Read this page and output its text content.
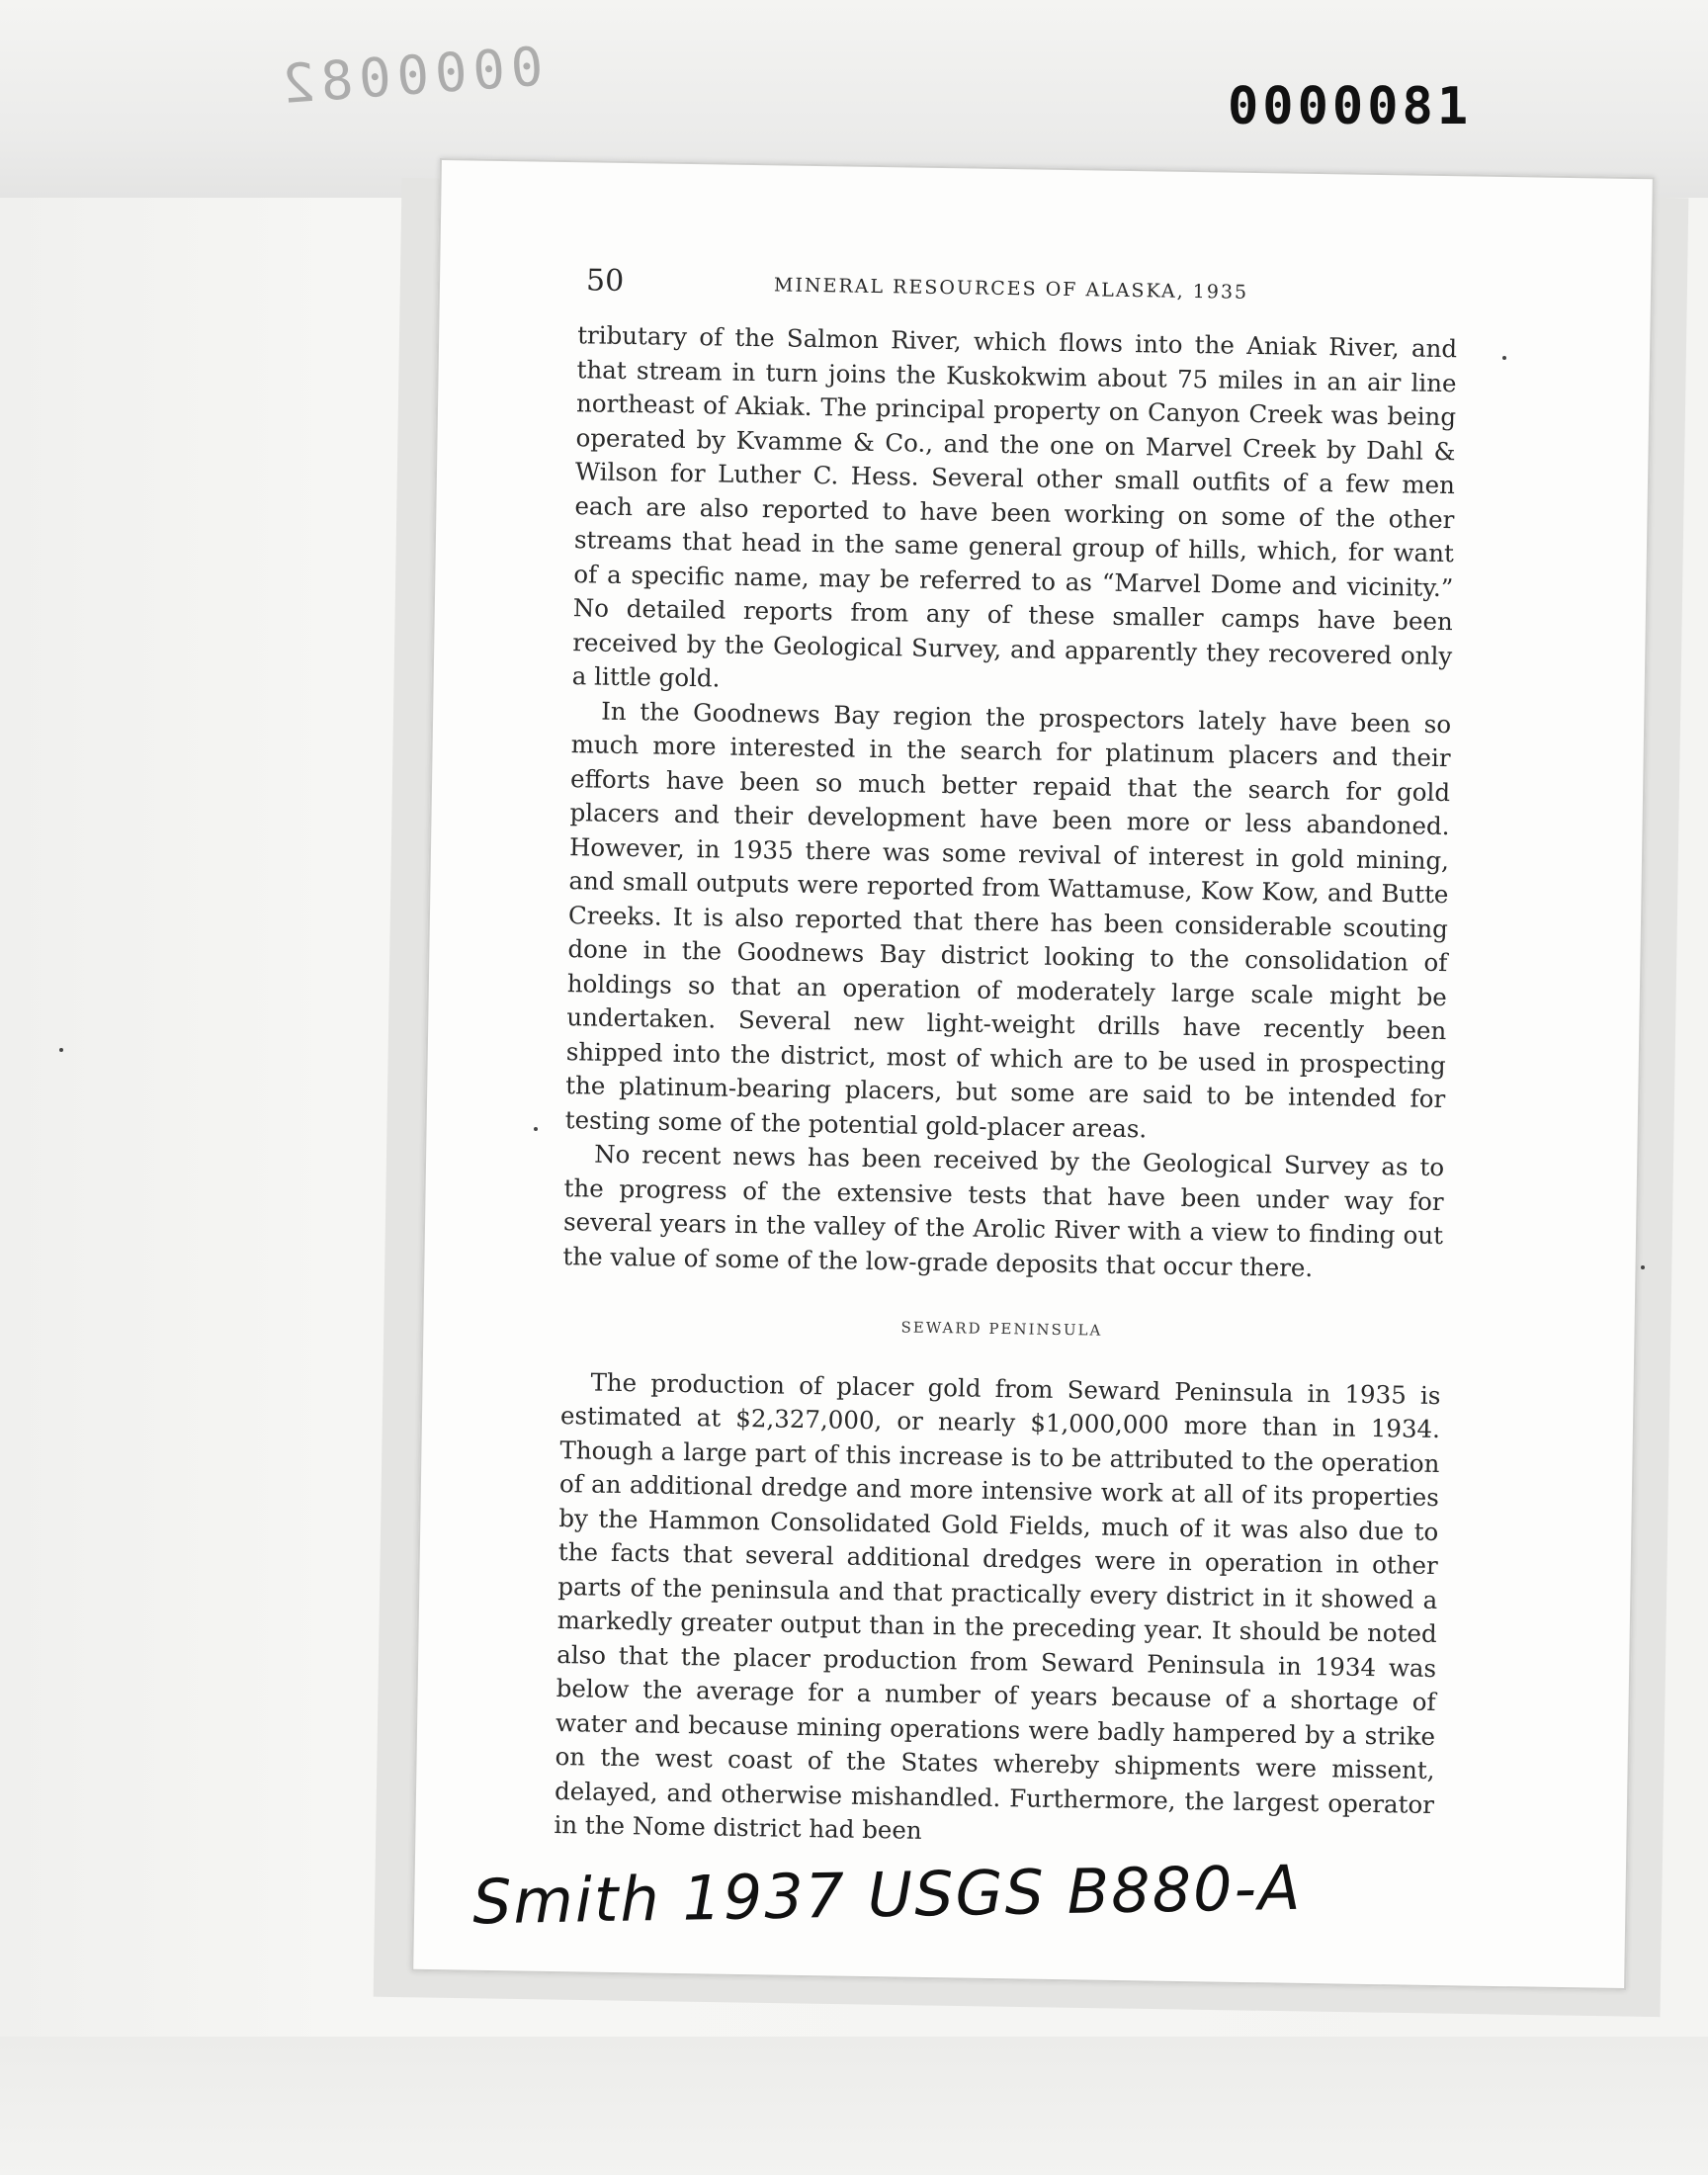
0000082	0000081
50	MINERAL RESOURCES OF ALASKA, 1935

tributary of the Salmon River, which flows into the Aniak River, and that stream in turn joins the Kuskokwim about 75 miles in an air line northeast of Akiak. The principal property on Canyon Creek was being operated by Kvamme & Co., and the one on Marvel Creek by Dahl & Wilson for Luther C. Hess. Several other small outfits of a few men each are also reported to have been working on some of the other streams that head in the same general group of hills, which, for want of a specific name, may be referred to as “Marvel Dome and vicinity.” No detailed reports from any of these smaller camps have been received by the Geological Survey, and apparently they recovered only a little gold.

In the Goodnews Bay region the prospectors lately have been so much more interested in the search for platinum placers and their efforts have been so much better repaid that the search for gold placers and their development have been more or less abandoned. However, in 1935 there was some revival of interest in gold mining, and small outputs were reported from Wattamuse, Kow Kow, and Butte Creeks. It is also reported that there has been considerable scouting done in the Goodnews Bay district looking to the consolidation of holdings so that an operation of moderately large scale might be undertaken. Several new light-weight drills have recently been shipped into the district, most of which are to be used in prospecting the platinum-bearing placers, but some are said to be intended for testing some of the potential gold-placer areas.

No recent news has been received by the Geological Survey as to the progress of the extensive tests that have been under way for several years in the valley of the Arolic River with a view to finding out the value of some of the low-grade deposits that occur there.

SEWARD PENINSULA

The production of placer gold from Seward Peninsula in 1935 is estimated at $2,327,000, or nearly $1,000,000 more than in 1934. Though a large part of this increase is to be attributed to the operation of an additional dredge and more intensive work at all of its properties by the Hammon Consolidated Gold Fields, much of it was also due to the facts that several additional dredges were in operation in other parts of the peninsula and that practically every district in it showed a markedly greater output than in the preceding year. It should be noted also that the placer production from Seward Peninsula in 1934 was below the average for a number of years because of a shortage of water and because mining operations were badly hampered by a strike on the west coast of the States whereby shipments were missent, delayed, and otherwise mishandled. Furthermore, the largest operator in the Nome district had been

Smith 1937 USGS B880-A
